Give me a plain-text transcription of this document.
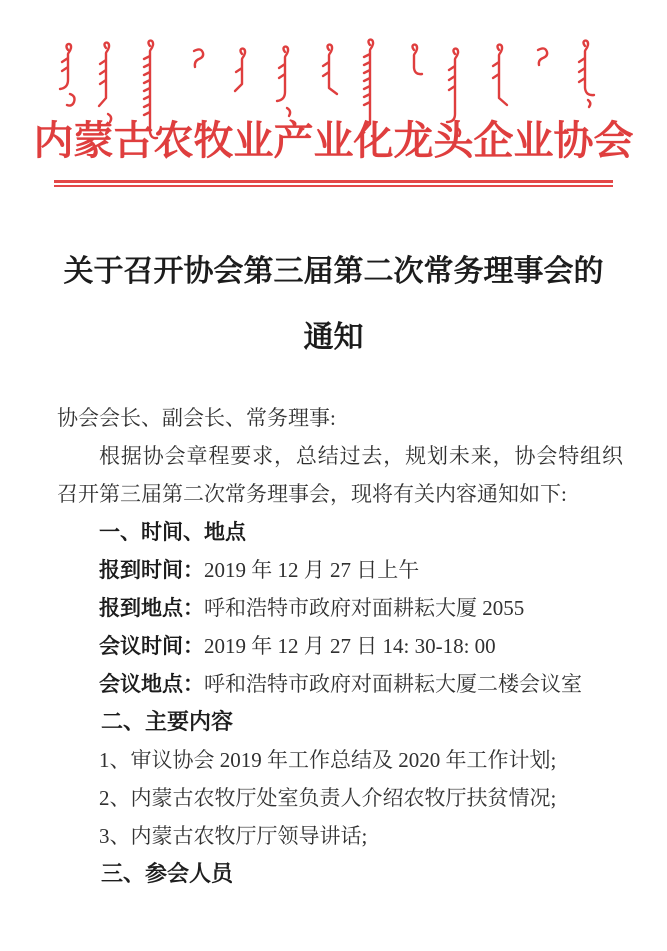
内蒙古农牧业产业化龙头企业协会
关于召开协会第三届第二次常务理事会的
通知

协会会长、副会长、常务理事:

根据协会章程要求，总结过去，规划未来，协会特组织召开第三届第二次常务理事会，现将有关内容通知如下:

一、时间、地点

报到时间：2019 年 12 月 27 日上午

报到地点：呼和浩特市政府对面耕耘大厦 2055

会议时间：2019 年 12 月 27 日 14: 30-18: 00

会议地点：呼和浩特市政府对面耕耘大厦二楼会议室

二、主要内容

1、审议协会 2019 年工作总结及 2020 年工作计划;

2、内蒙古农牧厅处室负责人介绍农牧厅扶贫情况;

3、内蒙古农牧厅厅领导讲话;

三、参会人员
